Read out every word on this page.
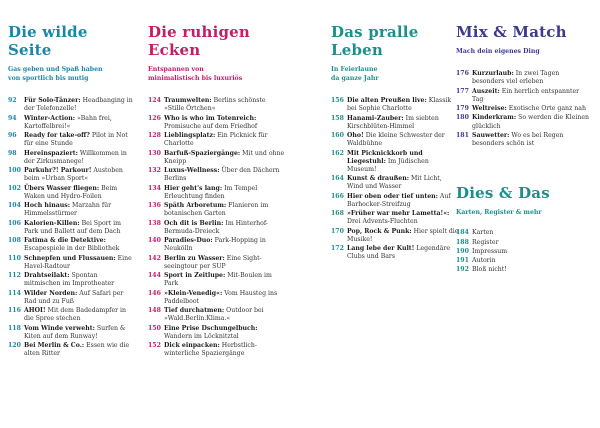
Die wilde
Seite
Gas geben und Spaß haben
von sportlich bis mutig
92	Für Solo-Tänzer: Headbanging in der Telefonzelle!
94	Winter-Action: »Bahn frei, Kartoffelbrei!«
96	Ready for take-off? Pilot in Not für eine Stunde
98	Hereinspaziert: Willkommen in der Zirkusmanege!
100 Parkuhr?! Parkour! Austoben beim »Urban Sport«
102 Übers Wasser fliegen: Beim Waken und Hydro-Foilen
104 Hoch hinaus: Marzahn für Himmelsstürmer
106 Kalorien-Killen: Bei Sport im Park und Ballett auf dem Dach
108 Fatima & die Detektive: Escapespiele in der Bibliothek
110 Schnepfen und Flussauen: Eine Havel-Radtour
112 Drahtseilakt: Spontan mitmischen im Improtheater
114 Wilder Norden: Auf Safari per Rad und zu Fuß
116 AHOI! Mit dem Badedampfer in die Spree stechen
118 Vom Winde verweht: Surfen & Kiten auf dem Runway!
120 Bei Merlin & Co.: Essen wie die alten Ritter
Die ruhigen
Ecken
Entspannen von
minimalistisch bis luxuriös
124 Traumwelten: Berlins schönste »Stille Örtchen«
126 Who is who im Totenreich: Promisuche auf dem Friedhof
128 Lieblingsplatz: Ein Picknick für Charlotte
130 Barfuß-Spaziergänge: Mit und ohne Kneipp
132 Luxus-Wellness: Über den Dächern Berlins
134 Hier geht's lang: Im Tempel Erleuchtung finden
136 Späth Arboretum: Flanieren im botanischen Garten
138 Och dit is Berlin: Im Hinterhof-Bermuda-Dreieck
140 Paradies-Duo: Park-Hopping in Neukölln
142 Berlin zu Wasser: Eine Sight-seeingtour per SUP
144 Sport in Zeitlupe: Mit-Boulen im Park
146 »Klein-Venedig«: Vom Hausteg ins Paddelboot
148 Tief durchatmen: Outdoor bei »Wald.Berlin.Klima.«
150 Eine Prise Dschungelbuch: Wandern im Löcknitztal
152 Dick einpacken: Herbstlich-winterliche Spaziergänge
Das pralle
Leben
In Feierlaune
da ganze Jahr
156 Die alten Preußen live: Klassik bei Sophie Charlotte
158 Hanami-Zauber: Im siebten Kirschblüten-Himmel
160 Oho! Die kleine Schwester der Waldbühne
162 Mit Picknickkorb und Liegestuhl: Im Jüdischen Museum!
164 Kunst & draußen: Mit Licht, Wind und Wasser
166 Hier oben oder tief unten: Auf Barhocker-Streifzug
168 »Früher war mehr Lametta!«: Drei Advents-Fluchten
170 Pop, Rock & Punk: Hier spielt die Musike!
172 Lang lebe der Kult! Legendäre Clubs und Bars
Mix & Match
Mach dein eigenes Ding
176 Kurzurlaub: In zwei Tagen besonders viel erleben
177 Auszeit: Ein herrlich entspannter Tag
179 Weltreise: Exotische Orte ganz nah
180 Kinderkram: So werden die Kleinen glücklich
181 Sauwetter: Wo es bei Regen besonders schön ist
Dies & Das
Karten, Register & mehr
184 Karten
188 Register
190 Impressum
191 Autorin
192 Bloß nicht!
